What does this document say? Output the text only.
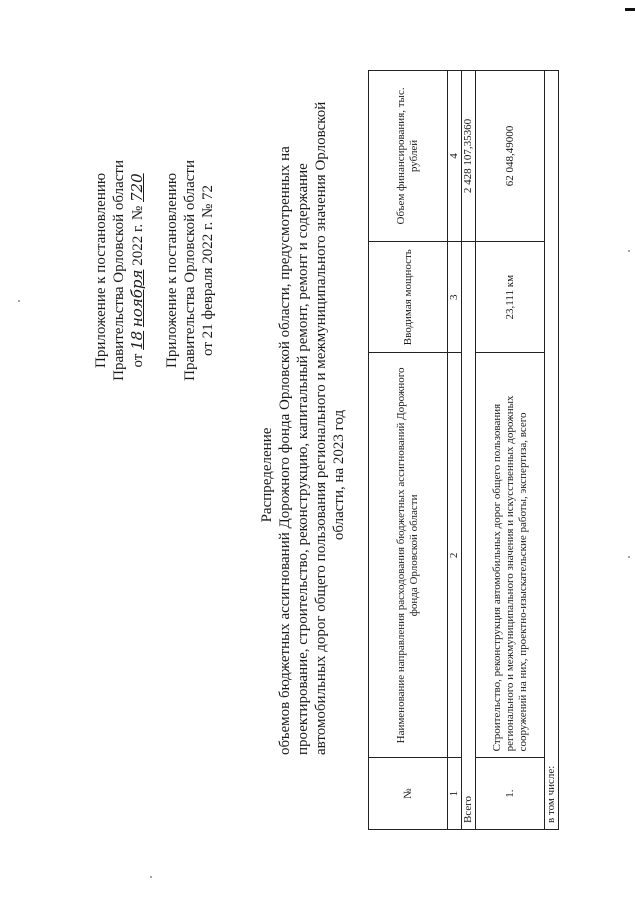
Приложение к постановлению Правительства Орловской области от 18 ноября 2022 г. № 720 Приложение к постановлению Правительства Орловской области от 21 февраля 2022 г. № 72
Распределение объемов бюджетных ассигнований Дорожного фонда Орловской области, предусмотренных на проектирование, строительство, реконструкцию, капитальный ремонт, ремонт и содержание автомобильных дорог общего пользования регионального и межмуниципального значения Орловской области, на 2023 год
№	Наименование направления расходования бюджетных ассигнований Дорожного фонда Орловской области	Вводимая мощность	Объем финансирования, тыс. рублей
1	2	3	4
Всего			2 428 107,35360
1.	Строительство, реконструкция автомобильных дорог общего пользования регионального и межмуниципального значения и искусственных дорожных сооружений на них, проектно-изыскательские работы, экспертиза, всего	23,111 км	62 048,49000
в том числе:			
